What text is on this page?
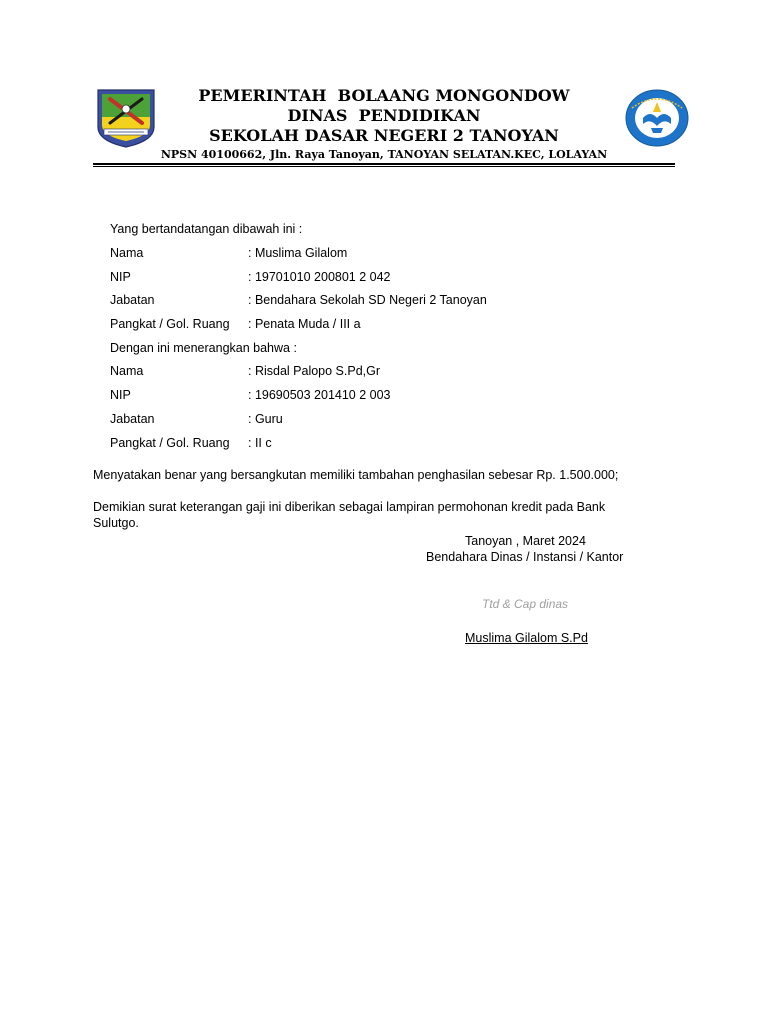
PEMERINTAH  BOLAANG MONGONDOW
DINAS  PENDIDIKAN
SEKOLAH DASAR NEGERI 2 TANOYAN
NPSN 40100662, Jln. Raya Tanoyan, TANOYAN SELATAN.KEC, LOLAYAN
Yang bertandatangan dibawah ini :
Nama	: Muslima Gilalom
NIP	: 19701010 200801 2 042
Jabatan	: Bendahara Sekolah SD Negeri 2 Tanoyan
Pangkat / Gol. Ruang : Penata Muda / III a
Dengan ini menerangkan bahwa :
Nama	: Risdal Palopo S.Pd,Gr
NIP	: 19690503 201410 2 003
Jabatan	: Guru
Pangkat / Gol. Ruang : II c
Menyatakan benar yang bersangkutan memiliki tambahan penghasilan sebesar Rp. 1.500.000;
Demikian surat keterangan gaji ini diberikan sebagai lampiran permohonan kredit pada Bank Sulutgo.
Tanoyan , Maret 2024
Bendahara Dinas / Instansi / Kantor
Ttd & Cap dinas
Muslima Gilalom S.Pd
